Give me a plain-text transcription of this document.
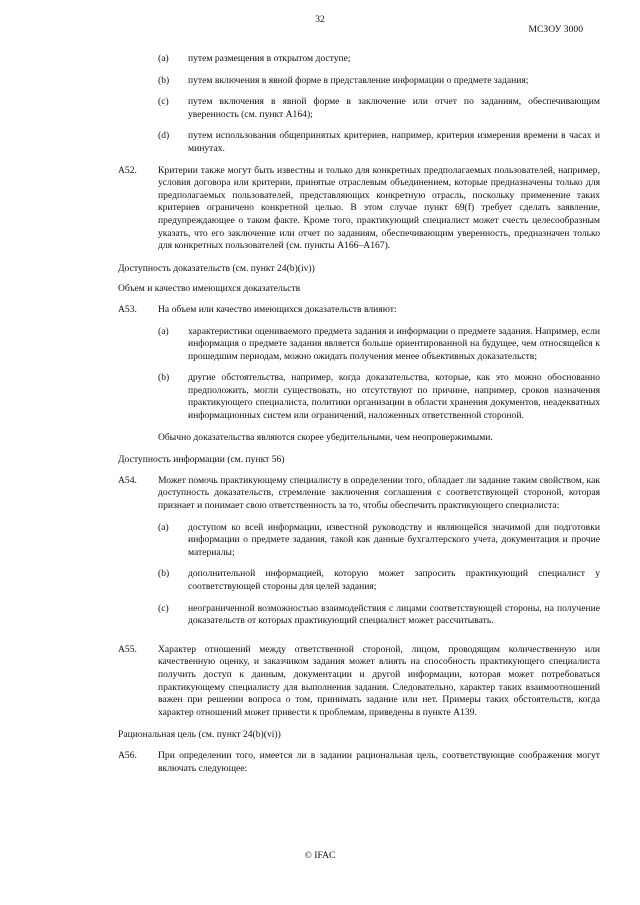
32
МСЗОУ 3000
(a)	путем размещения в открытом доступе;
(b)	путем включения в явной форме в представление информации о предмете задания;
(c)	путем включения в явной форме в заключение или отчет по заданиям, обеспечивающим уверенность (см. пункт A164);
(d)	путем использования общепринятых критериев, например, критерия измерения времени в часах и минутах.
A52.	Критерии также могут быть известны и только для конкретных предполагаемых пользователей, например, условия договора или критерии, принятые отраслевым объединением, которые предназначены только для предполагаемых пользователей, представляющих конкретную отрасль, поскольку применение таких критериев ограничено конкретной целью. В этом случае пункт 69(f) требует сделать заявление, предупреждающее о таком факте. Кроме того, практикующий специалист может счесть целесообразным указать, что его заключение или отчет по заданиям, обеспечивающим уверенность, предназначен только для конкретных пользователей (см. пункты A166–A167).
Доступность доказательств (см. пункт 24(b)(iv))
Объем и качество имеющихся доказательств
A53.	На объем или качество имеющихся доказательств влияют:
(a)	характеристики оцениваемого предмета задания и информации о предмете задания. Например, если информация о предмете задания является больше ориентированной на будущее, чем относящейся к прошедшим периодам, можно ожидать получения менее объективных доказательств;
(b)	другие обстоятельства, например, когда доказательства, которые, как это можно обоснованно предположить, могли существовать, но отсутствуют по причине, например, сроков назначения практикующего специалиста, политики организации в области хранения документов, неадекватных информационных систем или ограничений, наложенных ответственной стороной.
Обычно доказательства являются скорее убедительными, чем неопровержимыми.
Доступность информации (см. пункт 56)
A54.	Может помочь практикующему специалисту в определении того, обладает ли задание таким свойством, как доступность доказательств, стремление заключения соглашения с соответствующей стороной, которая признает и понимает свою ответственность за то, чтобы обеспечить практикующего специалиста:
(a)	доступом ко всей информации, известной руководству и являющейся значимой для подготовки информации о предмете задания, такой как данные бухгалтерского учета, документация и прочие материалы;
(b)	дополнительной информацией, которую может запросить практикующий специалист у соответствующей стороны для целей задания;
(c)	неограниченной возможностью взаимодействия с лицами соответствующей стороны, на получение доказательств от которых практикующий специалист может рассчитывать.
A55.	Характер отношений между ответственной стороной, лицом, проводящим количественную или качественную оценку, и заказчиком задания может влиять на способность практикующего специалиста получить доступ к данным, документации и другой информации, которая может потребоваться практикующему специалисту для выполнения задания. Следовательно, характер таких взаимоотношений важен при решении вопроса о том, принимать задание или нет. Примеры таких обстоятельств, когда характер отношений может привести к проблемам, приведены в пункте A139.
Рациональная цель (см. пункт 24(b)(vi))
A56.	При определении того, имеется ли в задании рациональная цель, соответствующие соображения могут включать следующее:
© IFAC
